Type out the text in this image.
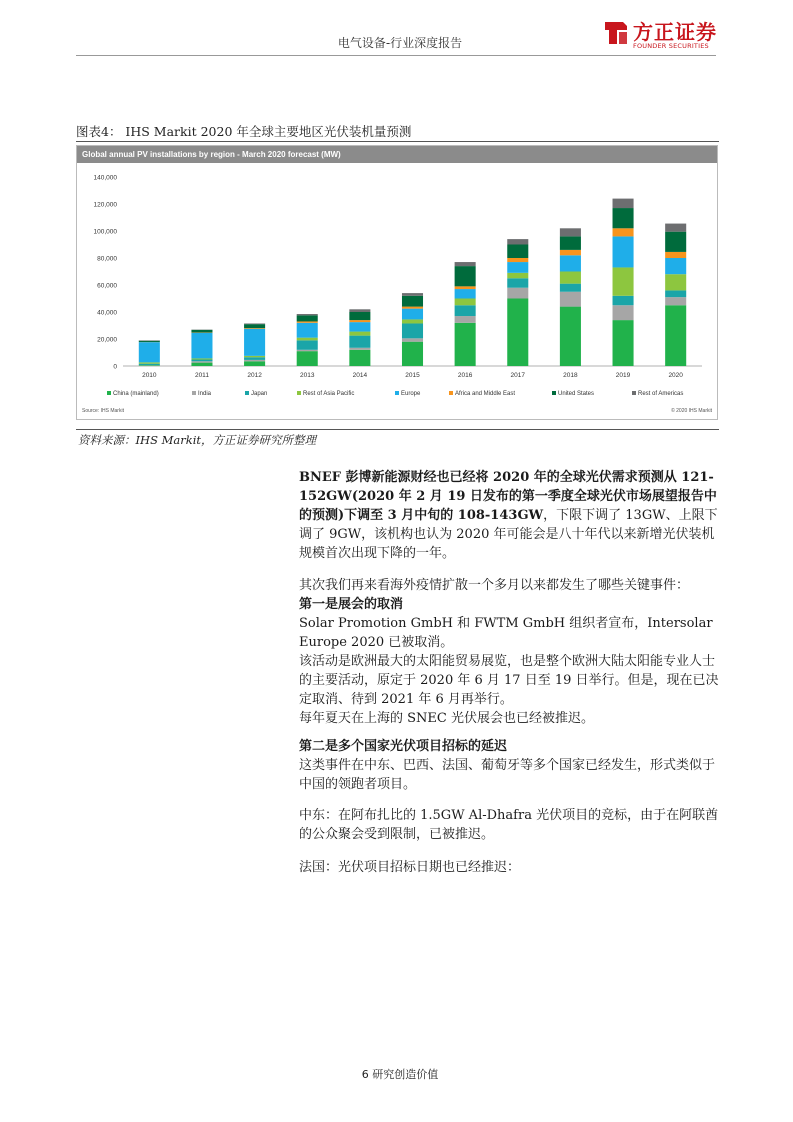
电气设备-行业深度报告	方正证券
FOUNDER SECURITIES
图表4： IHS Markit 2020 年全球主要地区光伏装机量预测
Global annual PV installations by region - March 2020 forecast (MW)
0
20,000
40,000
60,000
80,000
100,000
120,000
140,000
2010	2011	2012	2013	2014	2015	2016	2017	2018	2019	2020
China (mainland)	India	Japan	Rest of Asia Pacific	Europe	Africa and Middle East	United States	Rest of Americas
Source: IHS Markit	© 2020 IHS Markit
资料来源：IHS Markit，方正证券研究所整理

BNEF 彭博新能源财经也已经将 2020 年的全球光伏需求预测从 121-152GW(2020 年 2 月 19 日发布的第一季度全球光伏市场展望报告中的预测)下调至 3 月中旬的 108-143GW，下限下调了 13GW、上限下调了 9GW，该机构也认为 2020 年可能会是八十年代以来新增光伏装机规模首次出现下降的一年。

其次我们再来看海外疫情扩散一个多月以来都发生了哪些关键事件：

第一是展会的取消

Solar Promotion GmbH 和 FWTM GmbH 组织者宣布，Intersolar Europe 2020 已被取消。

该活动是欧洲最大的太阳能贸易展览，也是整个欧洲大陆太阳能专业人士的主要活动，原定于 2020 年 6 月 17 日至 19 日举行。但是，现在已决定取消、待到 2021 年 6 月再举行。

每年夏天在上海的 SNEC 光伏展会也已经被推迟。

第二是多个国家光伏项目招标的延迟

这类事件在中东、巴西、法国、葡萄牙等多个国家已经发生，形式类似于中国的领跑者项目。

中东：在阿布扎比的 1.5GW Al-Dhafra 光伏项目的竞标，由于在阿联酋的公众聚会受到限制，已被推迟。

法国：光伏项目招标日期也已经推迟：

6 研究创造价值
